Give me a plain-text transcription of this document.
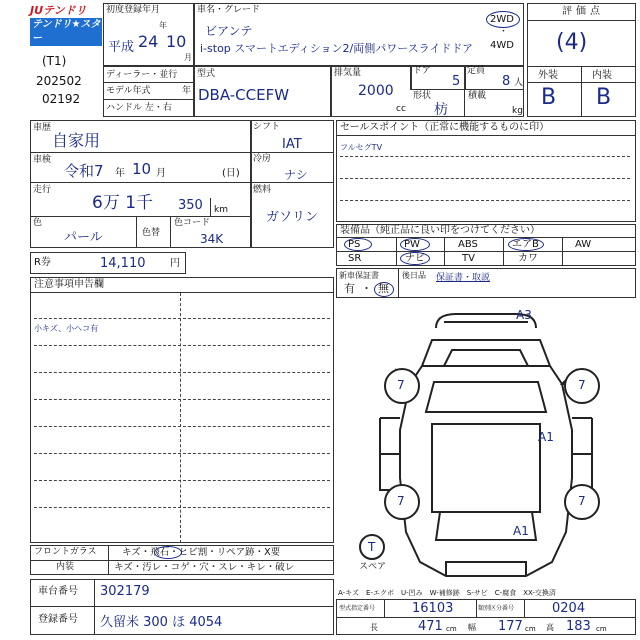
JUテンドリ
テンドリ★スター
(T1)
202502
02192
初度登録年月
平成 24
年
10
月
車名・グレード
ビアンテ
i-stop スマートエディション2/両側パワースライドドア
2WD
・
4WD
ディーラー・並行
モデル年式	年
ハンドル 左・右
型式
DBA-CCEFW
排気量
2000
cc
ドア
5
定員
8 人
形状
枋
積載
kg
評価点
(4)
外装	内装
B B
車歴
自家用
車検
令和7 年 10 月	(日)
走行
6万 1千 350 km
色
パール	色替
色コード
34K
シフト
IAT
冷房
ナシ
燃料
ガソリン
R券	14,110 円
セールスポイント（正常に機能するものに印）
フルセグTV
装備品（純正品に良い印をつけてください）
PS	PW	ABS	エアB	AW
SR	ナビ	TV	カワ
新車保証書
有 ・ 無
後日品 保証書・取説
注意事項申告欄
小キズ、小ヘコ有
フロントガラス	キズ・飛石・ヒビ割・リペア跡・X要
内装	キズ・汚レ・コゲ・穴・スレ・キレ・破レ
車台番号 302179
登録番号 久留米 300 ほ 4054
A3
A1
A1
7	7
7	7
T
スペア
A-キズ　E-エクボ　U-凹み　W-補修跡　S-サビ　C-腐食　XX-交換済
型式指定番号	16103	類別区分番号	0204
長	471 cm 幅 177 cm 高 183 cm
